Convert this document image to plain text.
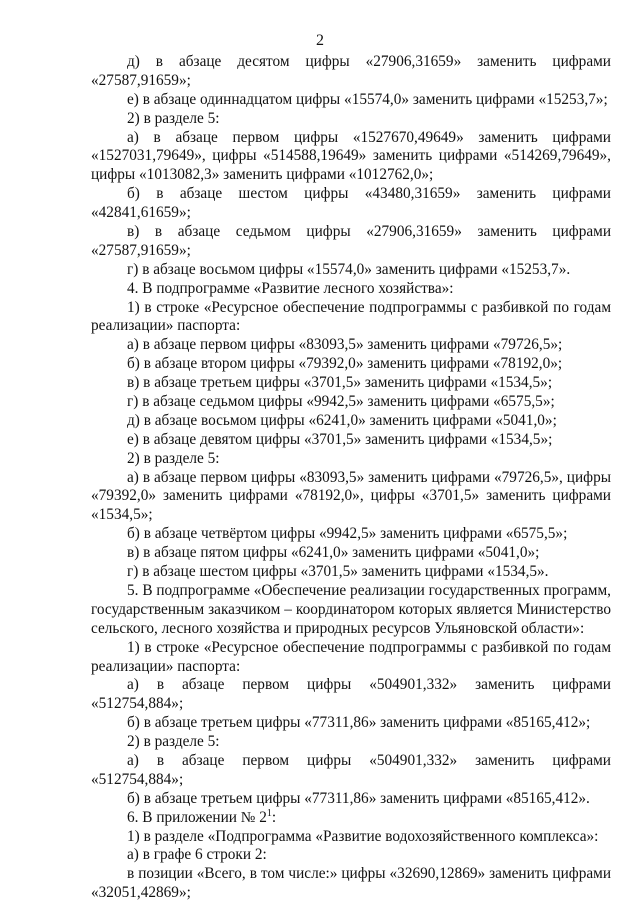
2
д) в абзаце десятом цифры «27906,31659» заменить цифрами
«27587,91659»;
е) в абзаце одиннадцатом цифры «15574,0» заменить цифрами «15253,7»;
2) в разделе 5:
а) в абзаце первом цифры «1527670,49649» заменить цифрами
«1527031,79649», цифры «514588,19649» заменить цифрами «514269,79649»,
цифры «1013082,3» заменить цифрами «1012762,0»;
б) в абзаце шестом цифры «43480,31659» заменить цифрами
«42841,61659»;
в) в абзаце седьмом цифры «27906,31659» заменить цифрами
«27587,91659»;
г) в абзаце восьмом цифры «15574,0» заменить цифрами «15253,7».
4. В подпрограмме «Развитие лесного хозяйства»:
1) в строке «Ресурсное обеспечение подпрограммы с разбивкой по годам
реализации» паспорта:
а) в абзаце первом цифры «83093,5» заменить цифрами «79726,5»;
б) в абзаце втором цифры «79392,0» заменить цифрами «78192,0»;
в) в абзаце третьем цифры «3701,5» заменить цифрами «1534,5»;
г) в абзаце седьмом цифры «9942,5» заменить цифрами «6575,5»;
д) в абзаце восьмом цифры «6241,0» заменить цифрами «5041,0»;
е) в абзаце девятом цифры «3701,5» заменить цифрами «1534,5»;
2) в разделе 5:
а) в абзаце первом цифры «83093,5» заменить цифрами «79726,5», цифры
«79392,0» заменить цифрами «78192,0», цифры «3701,5» заменить цифрами
«1534,5»;
б) в абзаце четвёртом цифры «9942,5» заменить цифрами «6575,5»;
в) в абзаце пятом цифры «6241,0» заменить цифрами «5041,0»;
г) в абзаце шестом цифры «3701,5» заменить цифрами «1534,5».
5. В подпрограмме «Обеспечение реализации государственных программ,
государственным заказчиком – координатором которых является Министерство
сельского, лесного хозяйства и природных ресурсов Ульяновской области»:
1) в строке «Ресурсное обеспечение подпрограммы с разбивкой по годам
реализации» паспорта:
а) в абзаце первом цифры «504901,332» заменить цифрами
«512754,884»;
б) в абзаце третьем цифры «77311,86» заменить цифрами «85165,412»;
2) в разделе 5:
а) в абзаце первом цифры «504901,332» заменить цифрами
«512754,884»;
б) в абзаце третьем цифры «77311,86» заменить цифрами «85165,412».
6. В приложении № $2^1$:
1) в разделе «Подпрограмма «Развитие водохозяйственного комплекса»:
а) в графе 6 строки 2:
в позиции «Всего, в том числе:» цифры «32690,12869» заменить цифрами
«32051,42869»;
